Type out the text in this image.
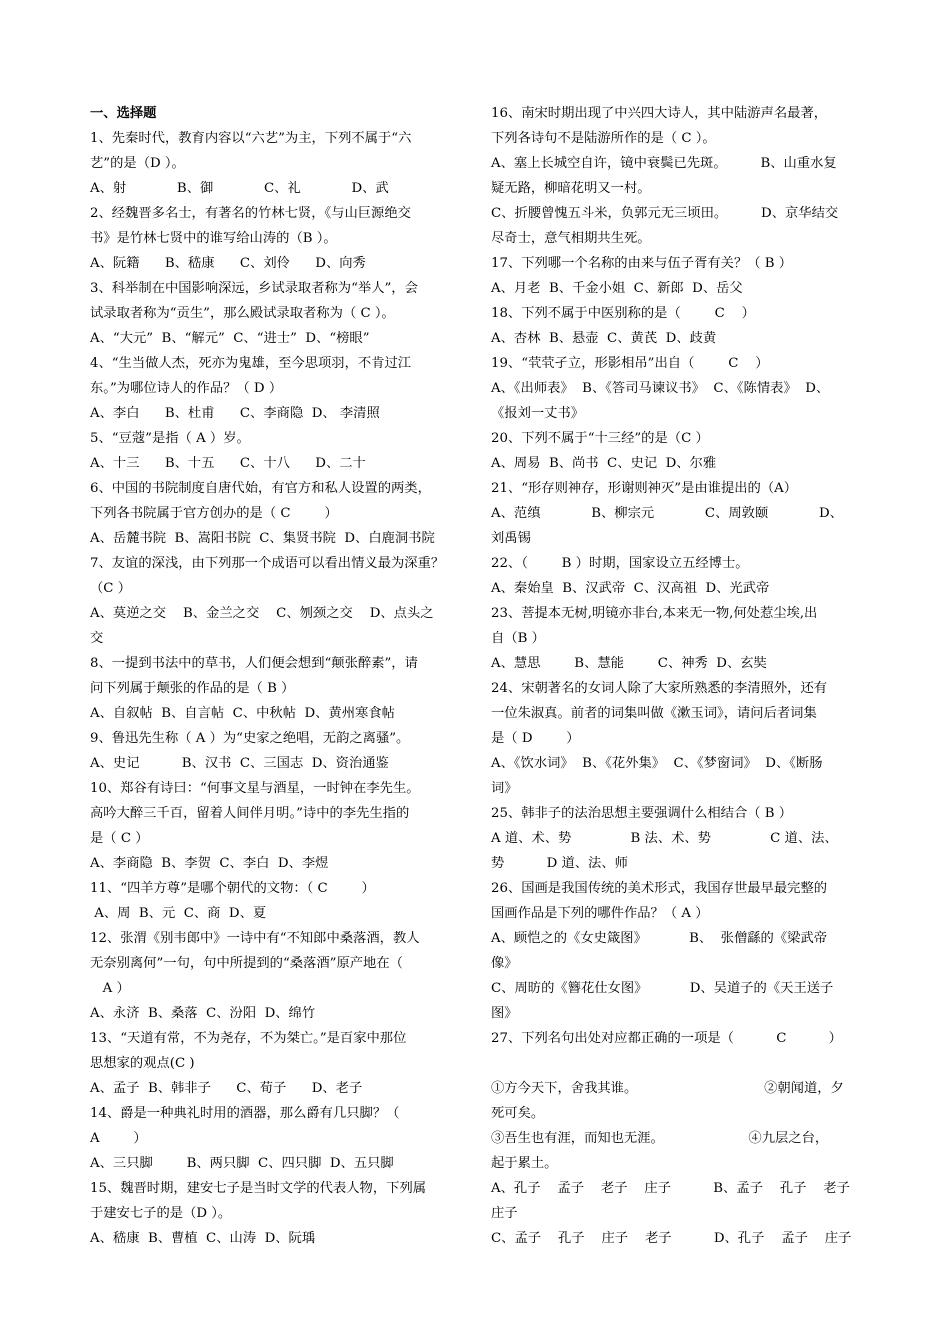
一、选择题
1、先秦时代，教育内容以“六艺”为主，下列不属于“六
艺”的是（D ）。
A、射            B、御            C、礼            D、武
2、经魏晋多名士，有著名的竹林七贤，《与山巨源绝交
书》是竹林七贤中的谁写给山涛的（B ）。
A、阮籍      B、嵇康      C、刘伶      D、向秀
3、科举制在中国影响深远，乡试录取者称为“举人”，会
试录取者称为“贡生”，那么殿试录取者称为（ C ）。
A、“大元”  B、“解元”  C、“进士”  D、“榜眼”
4、“生当做人杰，死亦为鬼雄，至今思项羽，不肯过江
东。”为哪位诗人的作品？（ D ）
A、李白      B、杜甫      C、李商隐  D、 李清照
5、“豆蔻”是指（ A ）岁。
A、十三      B、十五      C、十八      D、二十
6、中国的书院制度自唐代始，有官方和私人设置的两类，
下列各书院属于官方创办的是（ C        ）
A、岳麓书院  B、嵩阳书院  C、集贤书院  D、白鹿洞书院
7、友谊的深浅，由下列那一个成语可以看出情义最为深重？
（C ）
A、莫逆之交    B、金兰之交    C、刎颈之交    D、点头之
交
8、一提到书法中的草书，人们便会想到“颠张醉素”，请
问下列属于颠张的作品的是（ B ）
A、自叙帖  B、自言帖  C、中秋帖  D、黄州寒食帖
9、鲁迅先生称（ A ）为“史家之绝唱，无韵之离骚”。
A、史记          B、汉书  C、三国志  D、资治通鉴
10、郑谷有诗曰：“何事文星与酒星，一时钟在李先生。
高吟大醉三千百，留着人间伴月明。”诗中的李先生指的
是（ C ）
A、李商隐  B、李贺  C、李白  D、李煜
11、“四羊方尊”是哪个朝代的文物：（ C        ）
A、周  B、元  C、商  D、夏
12、张渭《别韦郎中》一诗中有“不知郎中桑落酒，教人
无奈别离何”一句，句中所提到的“桑落酒”原产地在（
A ）
A、永济  B、桑落  C、汾阳  D、绵竹
13、“天道有常，不为尧存，不为桀亡。”是百家中那位
思想家的观点(C )
A、孟子  B、韩非子      C、荀子      D、老子
14、爵是一种典礼时用的酒器，那么爵有几只脚？（
A        ）
A、三只脚        B、两只脚  C、四只脚  D、五只脚
15、魏晋时期，建安七子是当时文学的代表人物，下列属
于建安七子的是（D ）。
A、嵇康  B、曹植  C、山涛  D、阮瑀
16、南宋时期出现了中兴四大诗人，其中陆游声名最著，
下列各诗句不是陆游所作的是（ C ）。
A、塞上长城空自许，镜中衰鬓已先斑。        B、山重水复
疑无路，柳暗花明又一村。
C、折腰曾愧五斗米，负郭元无三顷田。        D、京华结交
尽奇士，意气相期共生死。
17、下列哪一个名称的由来与伍子胥有关？（ B ）
A、月老  B、千金小姐  C、新郎  D、岳父
18、下列不属于中医别称的是（        C    ）
A、杏林  B、悬壶  C、黄芪  D、歧黄
19、“茕茕孑立，形影相吊”出自（        C    ）
A、《出师表》  B、《答司马谏议书》  C、《陈情表》  D、
《报刘一丈书》
20、下列不属于“十三经”的是（C ）
A、周易  B、尚书  C、史记  D、尔雅
21、“形存则神存，形谢则神灭”是由谁提出的（A）
A、范缜            B、柳宗元            C、周敦颐            D、
刘禹锡
22、（        B ）时期，国家设立五经博士。
A、秦始皇  B、汉武帝  C、汉高祖  D、光武帝
23、菩提本无树,明镜亦非台,本来无一物,何处惹尘埃,出
自（B ）
A、慧思        B、慧能        C、神秀  D、玄奘
24、宋朝著名的女词人除了大家所熟悉的李清照外，还有
一位朱淑真。前者的词集叫做《漱玉词》，请问后者词集
是（ D        ）
A、《饮水词》  B、《花外集》  C、《梦窗词》  D、《断肠
词》
25、韩非子的法治思想主要强调什么相结合（ B ）
A 道、术、势              B 法、术、势              C 道、法、
势          D 道、法、师
26、国画是我国传统的美术形式，我国存世最早最完整的
国画作品是下列的哪件作品？（ A ）
A、顾恺之的《女史箴图》          B、  张僧繇的《梁武帝
像》
C、周昉的《簪花仕女图》          D、吴道子的《天王送子
图》
27、下列名句出处对应都正确的一项是（          C          ）
①方今天下，舍我其谁。                              ②朝闻道，夕
死可矣。
③吾生也有涯，而知也无涯。                    ④九层之台，
起于累土。
A、孔子    孟子    老子    庄子          B、孟子    孔子    老子
庄子
C、孟子    孔子    庄子    老子          D、孔子    孟子    庄子
